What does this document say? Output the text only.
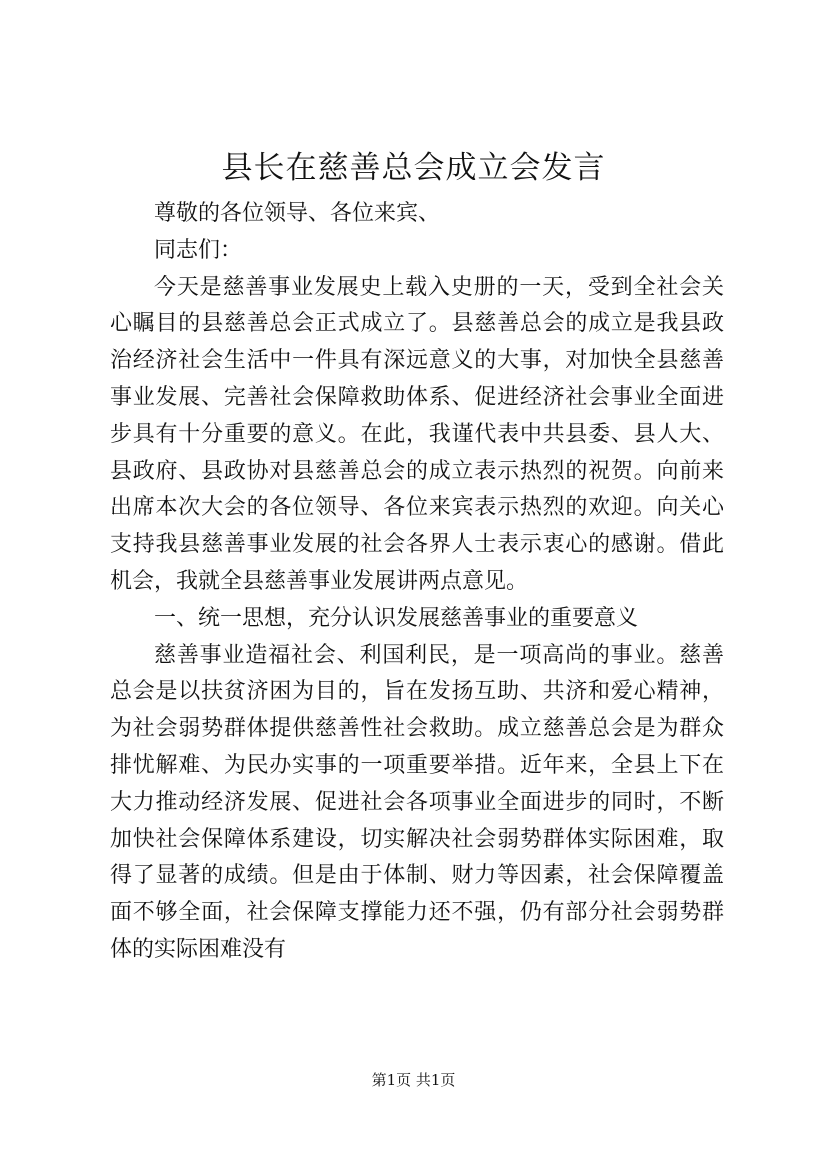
县长在慈善总会成立会发言

尊敬的各位领导、各位来宾、

同志们：

今天是慈善事业发展史上载入史册的一天，受到全社会关心瞩目的县慈善总会正式成立了。县慈善总会的成立是我县政治经济社会生活中一件具有深远意义的大事，对加快全县慈善事业发展、完善社会保障救助体系、促进经济社会事业全面进步具有十分重要的意义。在此，我谨代表中共县委、县人大、县政府、县政协对县慈善总会的成立表示热烈的祝贺。向前来出席本次大会的各位领导、各位来宾表示热烈的欢迎。向关心支持我县慈善事业发展的社会各界人士表示衷心的感谢。借此机会，我就全县慈善事业发展讲两点意见。

一、统一思想，充分认识发展慈善事业的重要意义

慈善事业造福社会、利国利民，是一项高尚的事业。慈善总会是以扶贫济困为目的，旨在发扬互助、共济和爱心精神，为社会弱势群体提供慈善性社会救助。成立慈善总会是为群众排忧解难、为民办实事的一项重要举措。近年来，全县上下在大力推动经济发展、促进社会各项事业全面进步的同时，不断加快社会保障体系建设，切实解决社会弱势群体实际困难，取得了显著的成绩。但是由于体制、财力等因素，社会保障覆盖面不够全面，社会保障支撑能力还不强，仍有部分社会弱势群体的实际困难没有

第1页 共1页
